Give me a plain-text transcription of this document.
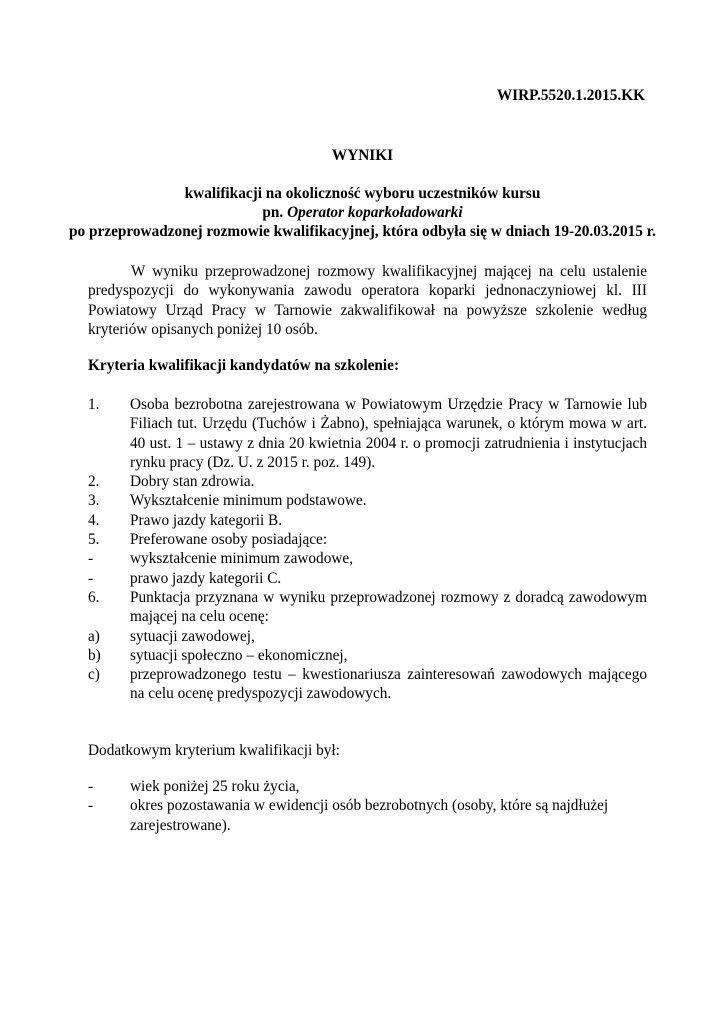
WIRP.5520.1.2015.KK
WYNIKI
kwalifikacji na okoliczność wyboru uczestników kursu
pn. Operator koparkoładowarki
po przeprowadzonej rozmowie kwalifikacyjnej, która odbyła się w dniach 19-20.03.2015 r.
W wyniku przeprowadzonej rozmowy kwalifikacyjnej mającej na celu ustalenie predyspozycji do wykonywania zawodu operatora koparki jednonaczyniowej kl. III Powiatowy Urząd Pracy w Tarnowie zakwalifikował na powyższe szkolenie według kryteriów opisanych poniżej 10 osób.
Kryteria kwalifikacji kandydatów na szkolenie:
1.	Osoba bezrobotna zarejestrowana w Powiatowym Urzędzie Pracy w Tarnowie lub Filiach tut. Urzędu (Tuchów i Żabno), spełniająca warunek, o którym mowa w art. 40 ust. 1 – ustawy z dnia 20 kwietnia 2004 r. o promocji zatrudnienia i instytucjach rynku pracy (Dz. U. z 2015 r. poz. 149).
2.	Dobry stan zdrowia.
3.	Wykształcenie minimum podstawowe.
4.	Prawo jazdy kategorii B.
5.	Preferowane osoby posiadające:
-	wykształcenie minimum zawodowe,
-	prawo jazdy kategorii C.
6.	Punktacja przyznana w wyniku przeprowadzonej rozmowy z doradcą zawodowym mającej na celu ocenę:
a)	sytuacji zawodowej,
b)	sytuacji społeczno – ekonomicznej,
c)	przeprowadzonego testu – kwestionariusza zainteresowań zawodowych mającego na celu ocenę predyspozycji zawodowych.
Dodatkowym kryterium kwalifikacji był:
-	wiek poniżej 25 roku życia,
-	okres pozostawania w ewidencji osób bezrobotnych (osoby, które są najdłużej zarejestrowane).
